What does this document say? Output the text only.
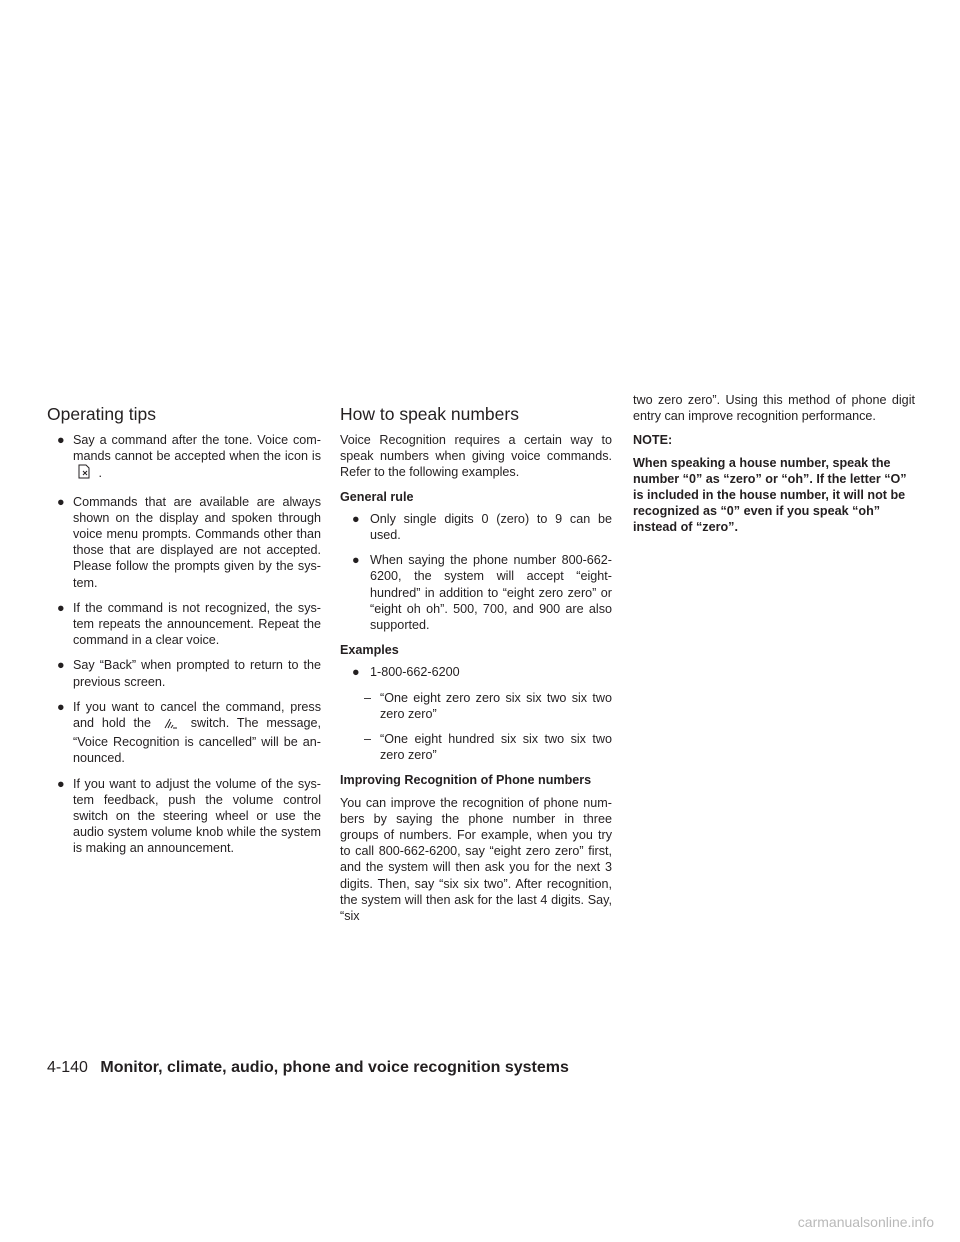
Operating tips
● Say a command after the tone. Voice com-mands cannot be accepted when the icon is  .
● Commands that are available are always shown on the display and spoken through voice menu prompts. Commands other than those that are displayed are not accepted. Please follow the prompts given by the sys-tem.
● If the command is not recognized, the sys-tem repeats the announcement. Repeat the command in a clear voice.
● Say “Back” when prompted to return to the previous screen.
● If you want to cancel the command, press and hold the	switch. The message, “Voice Recognition is cancelled” will be an-nounced.
● If you want to adjust the volume of the sys-tem feedback, push the volume control switch on the steering wheel or use the audio system volume knob while the system is making an announcement.
How to speak numbers

Voice Recognition requires a certain way to speak numbers when giving voice commands. Refer to the following examples.

General rule
● Only single digits 0 (zero) to 9 can be used.
● When saying the phone number 800-662-6200, the system will accept “eight-hundred” in addition to “eight zero zero” or “eight oh oh”. 500, 700, and 900 are also supported.
Examples
● 1-800-662-6200
– “One eight zero zero six six two six two zero zero”
– “One eight hundred six six two six two zero zero”
Improving Recognition of Phone numbers

You can improve the recognition of phone num-bers by saying the phone number in three groups of numbers. For example, when you try to call 800-662-6200, say “eight zero zero” first, and the system will then ask you for the next 3 digits. Then, say “six six two”. After recognition, the system will then ask for the last 4 digits. Say, “six

two zero zero”. Using this method of phone digit entry can improve recognition performance.

NOTE:

When speaking a house number, speak the number “0” as “zero” or “oh”. If the letter “O” is included in the house number, it will not be recognized as “0” even if you speak “oh” instead of “zero”.

4-140 Monitor, climate, audio, phone and voice recognition systems
carmanualsonline.info
